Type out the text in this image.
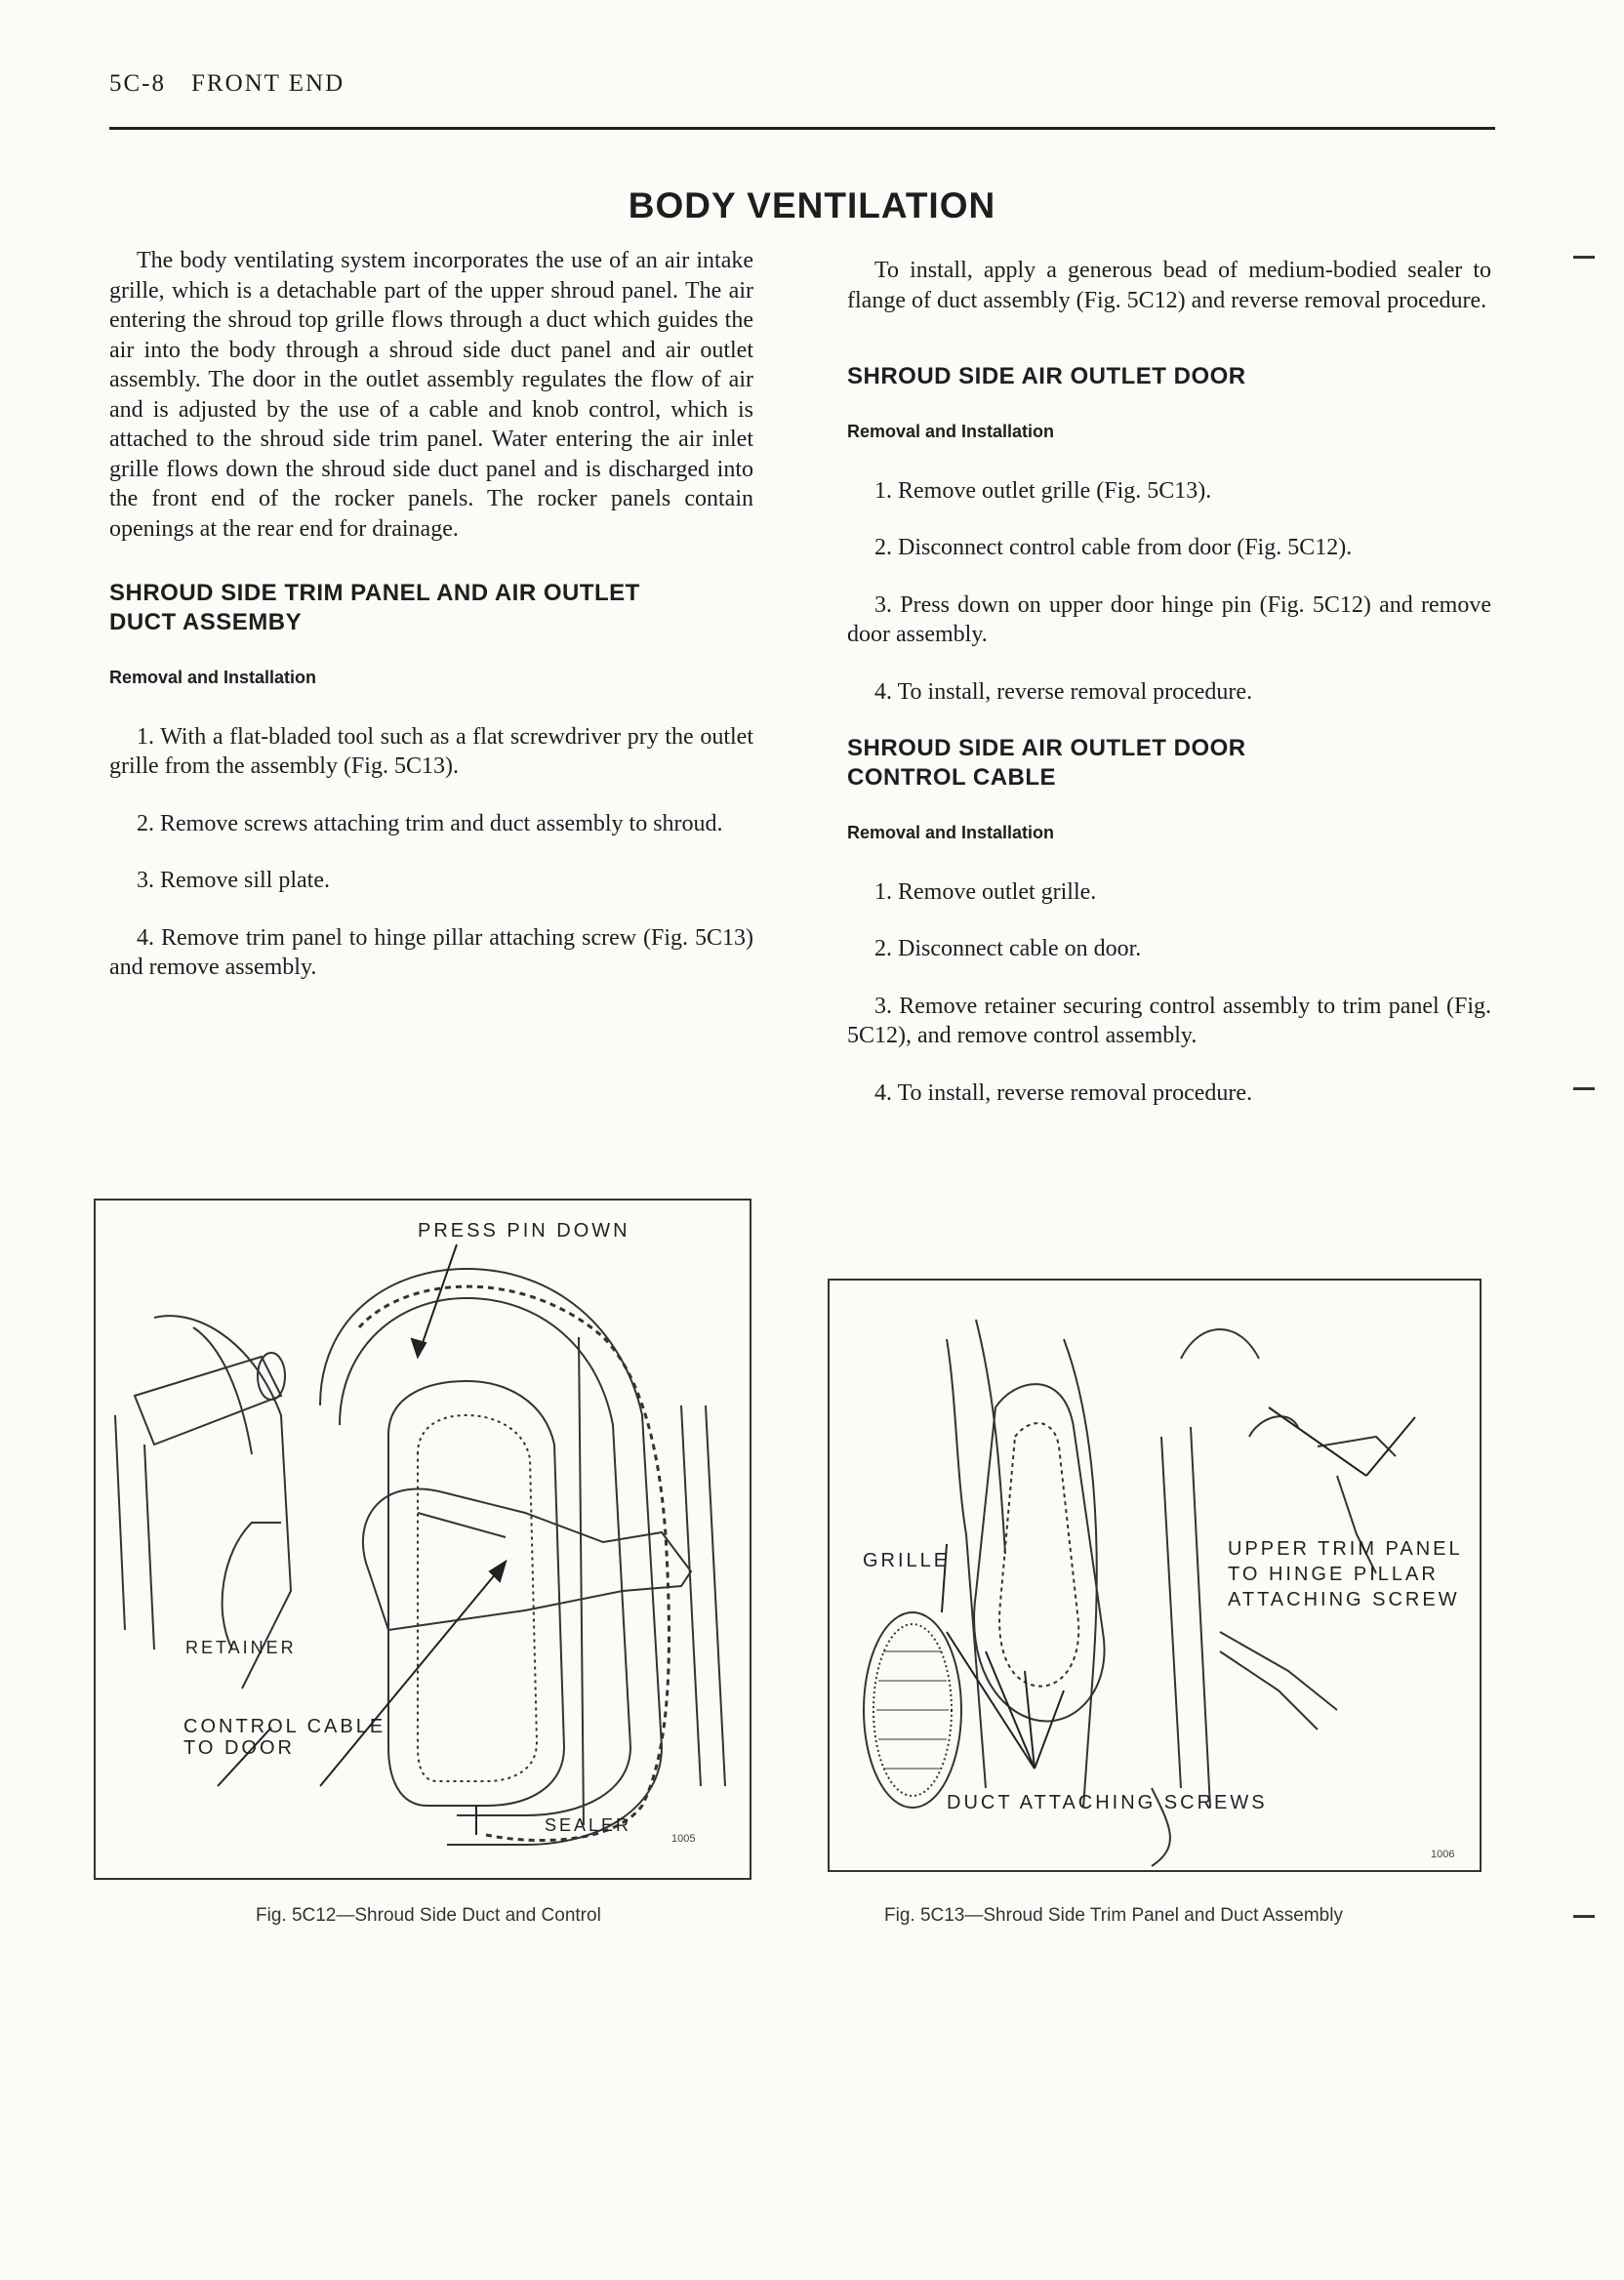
5C-8 FRONT END
BODY VENTILATION

The body ventilating system incorporates the use of an air intake grille, which is a detachable part of the upper shroud panel. The air entering the shroud top grille flows through a duct which guides the air into the body through a shroud side duct panel and air outlet assembly. The door in the outlet assembly regulates the flow of air and is adjusted by the use of a cable and knob control, which is attached to the shroud side trim panel. Water entering the air inlet grille flows down the shroud side duct panel and is discharged into the front end of the rocker panels. The rocker panels contain openings at the rear end for drainage.

SHROUD SIDE TRIM PANEL AND AIR OUTLET
DUCT ASSEMBY
Removal and Installation

1. With a flat-bladed tool such as a flat screwdriver pry the outlet grille from the assembly (Fig. 5C13).

2. Remove screws attaching trim and duct assembly to shroud.

3. Remove sill plate.

4. Remove trim panel to hinge pillar attaching screw (Fig. 5C13) and remove assembly.

To install, apply a generous bead of medium-bodied sealer to flange of duct assembly (Fig. 5C12) and reverse removal procedure.

SHROUD SIDE AIR OUTLET DOOR
Removal and Installation

1. Remove outlet grille (Fig. 5C13).

2. Disconnect control cable from door (Fig. 5C12).

3. Press down on upper door hinge pin (Fig. 5C12) and remove door assembly.

4. To install, reverse removal procedure.

SHROUD SIDE AIR OUTLET DOOR
CONTROL CABLE
Removal and Installation

1. Remove outlet grille.

2. Disconnect cable on door.

3. Remove retainer securing control assembly to trim panel (Fig. 5C12), and remove control assembly.

4. To install, reverse removal procedure.

PRESS PIN DOWN
RETAINER
CONTROL CABLE
TO DOOR
SEALER
1005
Fig. 5C12—Shroud Side Duct and Control
GRILLE
UPPER TRIM PANEL
TO HINGE PILLAR
ATTACHING SCREW
DUCT ATTACHING SCREWS
1006
Fig. 5C13—Shroud Side Trim Panel and Duct Assembly
